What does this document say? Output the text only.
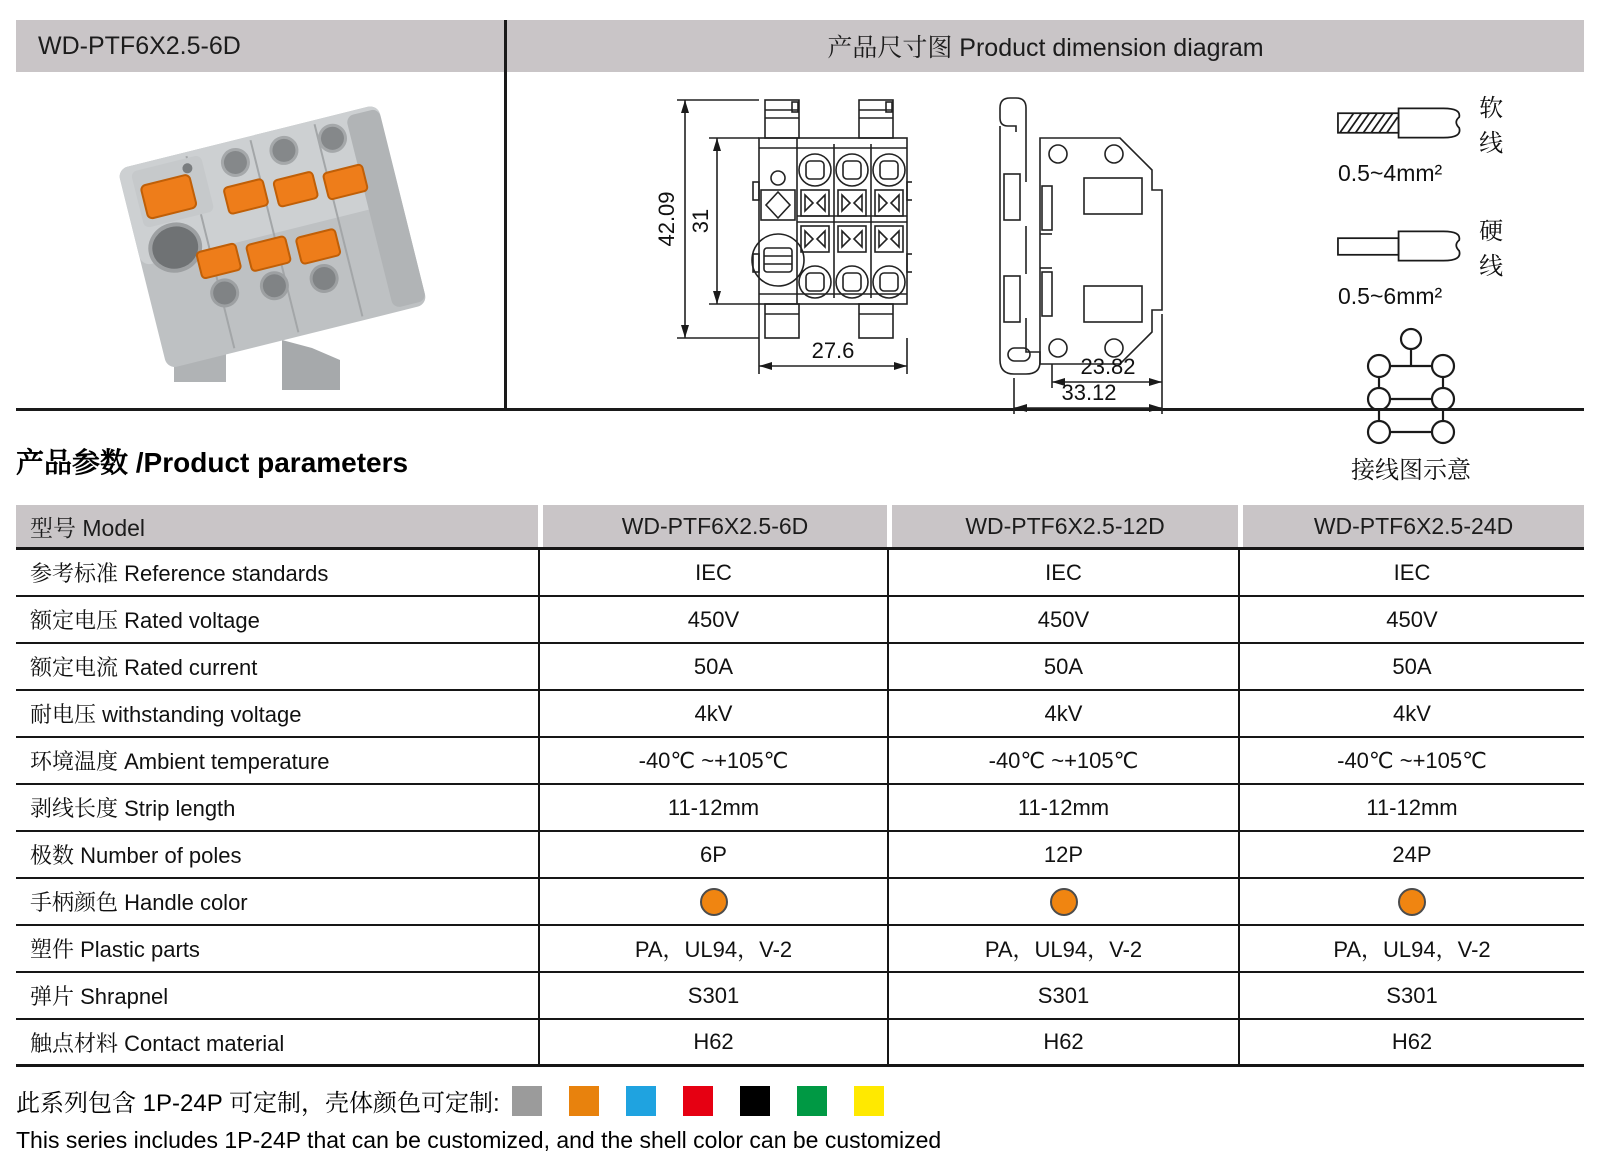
WD-PTF6X2.5-6D	产品尺寸图 Product dimension diagram
42.09 31
27.6
23.82
33.12
软线
0.5~4mm²
硬线
0.5~6mm²
接线图示意
产品参数 /Product parameters
型号 Model	WD-PTF6X2.5-6D	WD-PTF6X2.5-12D	WD-PTF6X2.5-24D
参考标准 Reference standards	IEC	IEC	IEC
额定电压 Rated voltage	450V	450V	450V
额定电流 Rated current	50A	50A	50A
耐电压 withstanding voltage	4kV	4kV	4kV
环境温度 Ambient temperature	-40℃ ~+105℃	-40℃ ~+105℃	-40℃ ~+105℃
剥线长度 Strip length	11-12mm	11-12mm	11-12mm
极数 Number of poles	6P	12P	24P
手柄颜色 Handle color
塑件 Plastic parts	PA，UL94，V-2	PA，UL94，V-2	PA，UL94，V-2
弹片 Shrapnel	S301	S301	S301
触点材料 Contact material	H62	H62	H62
此系列包含 1P-24P 可定制，壳体颜色可定制:
This series includes 1P-24P that can be customized, and the shell color can be customized
